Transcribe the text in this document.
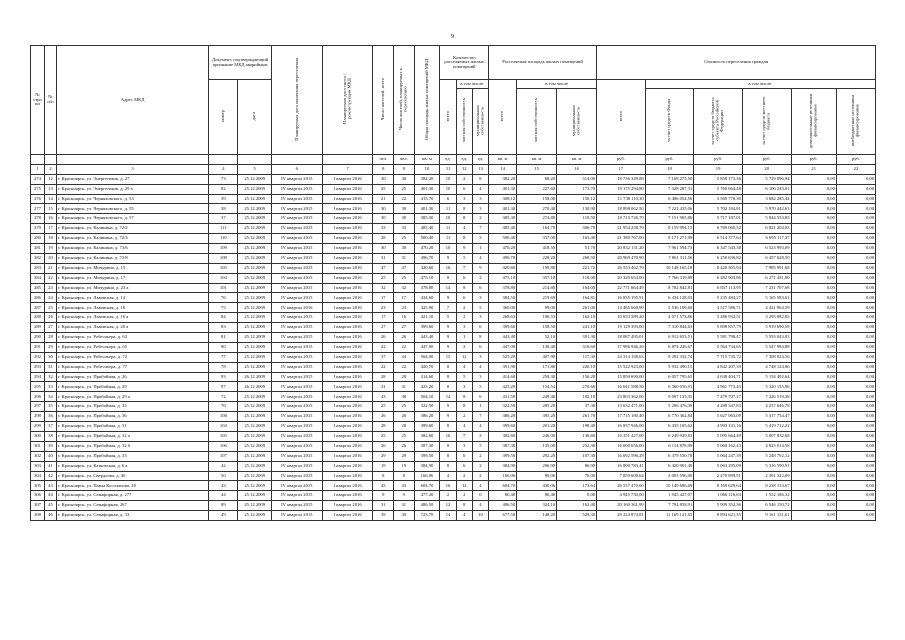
9
№ стро ки	№ п/п	Адрес МКД	Документ, подтверждающий признание МКД аварийным		Планируемая дата окончания переселения	Планируемая дата сноса / реконструкции МКД	Число жителей, всего	Число жителей, планируемых к переселению	Общая площадь жилых помещений МКД	Количество расселяемых жилых помещений			Расселяемая площадь жилых помещений			Стоимость переселения граждан					
			номер	дата						всего	в том числе:		всего	в том числе		всего	в том числе:				
											частная собственность	муниципальная собственность		частная собственность	муниципальная собственность		за счет средств Фонда	за счет средств бюджета субъекта Российской Федерации	за счет средств местного бюджета	дополнительные источники финансирования	внебюджетные источники финансирования
							чел.	чел.	кв. м	ед.	ед.	ед.	кв. м	кв. м	кв. м	руб.	руб.	руб.	руб.	руб.	руб.
1	2	3	4	5	6	7	8	9	10	11	12	13	14	15	16	17	18	19	20	21	22
274	12	г. Красноярск, ул. Энергетиков, д. 27	73	25.12.2009	IV квартал 2015	I квартал 2016	30	30	382,20	10	2	8	382,20	68,20	314,00	18 736 349,80	7 168 275,50	5 858 173,36	5 729 896,94	0,00	0,00
275	13	г. Красноярск, ул. Энергетиков, д. 29 а	82	25.12.2009	IV квартал 2015	I квартал 2016	25	25	401,30	10	6	4	401,30	227,60	173,70	19 175 294,80	7 328 287,31	5 760 664,48	6 106 243,01	0,00	0,00
276	14	г. Красноярск, ул. Черняховского, д. 53	39	25.12.2009	IV квартал 2015	I квартал 2016	21	22	415,70	6	3	3	308,12	158,00	150,12	11 738 110,30	6 486 054,56	3 569 770,30	3 682 285,44	0,00	0,00
277	15	г. Красноярск, ул. Черняховского, д. 55	38	25.12.2009	IV квартал 2015	I квартал 2016	30	30	401,30	11	8	3	401,30	270,40	130,90	18 898 062,50	7 222 435,06	5 702 184,81	5 970 442,63	0,00	0,00
278	16	г. Красноярск, ул. Черняховского, д. 57	37	25.12.2009	IV квартал 2015	I квартал 2016	30	30	385,30	10	8	2	385,30	274,80	110,50	18 713 726,70	7 151 965,86	5 717 187,01	5 844 553,83	0,00	0,00
279	17	г. Красноярск, ул. Калинина, д. 72/2	111	25.12.2009	IV квартал 2015	I квартал 2016	33	33	485,40	11	4	7	485,40	164,70	306,70	21 954 258,70	8 159 994,15	6 769 060,52	6 821 204,03	0,00	0,00
280	18	г. Красноярск, ул. Калинина, д. 72/4	110	25.12.2009	IV квартал 2015	I квартал 2016	28	25	500,40	11	8	3	500,40	337,00	163,40	21 380 767,00	8 171 271,99	6 514 377,64	6 695 117,37	0,00	0,00
281	19	г. Красноярск, ул. Калинина, д. 73/6	109	25.12.2009	IV квартал 2015	I квартал 2016	30	30	470,20	10	9	1	470,20	418,50	51,70	20 832 131,20	7 961 594,73	6 347 543,38	6 523 993,09	0,00	0,00
282	20	г. Красноярск, ул. Калинина, д. 73/8	108	25.12.2009	IV квартал 2015	I квартал 2016	31	31	496,70	9	5	4	496,70	228,20	268,50	20 969 470,90	7 861 311,56	6 250 636,82	6 457 628,50	0,00	0,00
283	21	г. Красноярск, ул. Мичурина, д. 15	105	25.12.2009	IV квартал 2015	I квартал 2016	47	47	420,60	16	7	9	420,60	199,88	221,72	26 553 462,70	10 148 165,18	8 420 305,94	7 985 991,68	0,00	0,00
284	22	г. Красноярск, ул. Мичурина, д. 17	104	25.12.2009	IV квартал 2015	I квартал 2016	25	25	475,10	8	6	2	475,10	357,10	118,00	20 320 654,00	7 766 319,88	6 282 903,86	6 271 431,00	0,00	0,00
285	23	г. Красноярск, ул. Мичурина, д. 23 а	101	25.12.2009	IV квартал 2015	I квартал 2016	32	32	378,80	14	8	6	378,80	214,80	164,00	22 771 664,49	8 702 842,81	6 837 113,95	7 231 707,68	0,00	0,00
286	24	г. Красноярск, ул. Львовская, д. 14	76	25.12.2009	IV квартал 2015	I квартал 2016	17	17	434,60	9	6	3	384,50	219,69	164,81	16 835 195,91	6 434 128,03	5 235 484,27	5 165 583,61	0,00	0,00
287	25	г. Красноярск, ул. Львовская, д. 16	75	25.12.2009	IV квартал 2016	I квартал 2016	23	23	425,90	7	2	5	360,00	99,00	261,00	14 485 660,90	5 536 109,60	4 517 586,71	4 431 964,59	0,00	0,00
288	26	г. Красноярск, ул. Львовская, д. 16 а	84	25.12.2009	IV квартал 2015	I квартал 2016	17	16	421,10	5	2	3	268,63	106,53	162,10	10 653 589,20	4 071 573,86	3 286 932,51	3 295 082,83	0,00	0,00
289	27	г. Красноярск, ул. Львовская, д. 20 а	83	25.12.2009	IV квартал 2015	I квартал 2016	27	27	399,60	9	3	6	399,60	158,50	241,10	19 129 393,00	7 310 844,63	5 898 857,79	5 919 690,58	0,00	0,00
290	28	г. Красноярск, ул. Робеспьера, д. 63	81	25.12.2009	IV квартал 2015	I квартал 2016	26	26	443,40	9	1	8	443,40	52,10	391,30	18 087 495,01	6 912 653,51	5 581 798,47	5 593 043,03	0,00	0,00
291	29	г. Красноярск, ул. Робеспьера, д. 65	80	25.12.2009	IV квартал 2015	I квартал 2016	22	22	447,90	9	3	6	447,00	130,40	316,60	17 986 946,20	6 874 226,67	5 564 734,65	5 547 984,88	0,00	0,00
292	30	г. Красноярск, ул. Робеспьера, д. 72	77	25.12.2009	IV квартал 2015	I квартал 2016	37	34	564,00	15	12	3	525,20	407,90	117,30	24 314 138,63	9 292 332,74	7 715 735,72	7 308 024,56	0,00	0,00
293	31	г. Красноярск, ул. Робеспьера, д. 77	78	25.12.2009	IV квартал 2015	I квартал 2016	22	22	420,70	8	4	4	391,90	171,80	220,10	15 522 923,00	5 932 490,15	4 842 207,39	4 748 124,86	0,00	0,00
294	32	г. Красноярск, ул. Прибойная, д. 26	93	26.12.2009	IV квартал 2015	I квартал 2016	28	28	414,60	8	5	3	414,60	258,30	156,20	15 850 690,00	6 057 795,65	4 638 404,71	5 154 492,64	0,00	0,00
295	33	г. Красноярск, ул. Прибойная, д. 29	97	26.12.2009	IV квартал 2015	I квартал 2016	31	31	425,20	8	3	5	425,20	154,54	270,66	16 641 588,50	6 360 056,91	4 961 773,43	5 320 155,96	0,00	0,00
296	34	г. Красноярск, ул. Прибойная, д. 29 а	72	25.12.2009	IV квартал 2015	I квартал 2016	43	38	504,10	14	8	6	431,50	249,46	182,10	23 803 362,00	9 097 135,35	7 479 707,27	7 226 519,38	0,00	0,00
297	35	г. Красноярск, ул. Прибойная, д. 35	70	25.12.2009	IV квартал 2015	I квартал 2016	25	25	322,50	9	8	1	322,50	285,20	37,30	13 632 471,00	5 206 476,39	4 288 347,83	4 237 646,78	0,00	0,00
298	36	г. Красноярск, ул. Прибойная, д. 36	108	25.12.2009	IV квартал 2015	I квартал 2016	26	26	386,20	9	2	7	386,20	395,20	261,70	17 715 180,40	6 770 362,84	5 627 063,09	5 317 754,47	0,00	0,00
299	37	г. Красноярск, ул. Прибойная, д. 31	104	25.12.2009	IV квартал 2015	I квартал 2016	28	28	399,60	8	4	4	399,60	201,20	198,40	16 837 946,00	6 435 105,62	4 993 131,16	5 419 712,22	0,00	0,00
300	38	г. Красноярск, ул. Прибойная, д. 32 а	105	25.12.2009	IV квартал 2015	I квартал 2016	25	25	382,60	10	7	3	382,60	246,00	136,60	16 351 427,00	6 249 929,83	5 095 664,49	5 007 832,68	0,00	0,00
301	39	г. Красноярск, ул. Прибойная, д. 32 б	106	25.12.2009	IV квартал 2015	I квартал 2016	26	26	387,30	8	3	5	387,30	135,00	252,30	16 000 656,00	6 114 878,99	5 060 162,43	4 825 014,58	0,00	0,00
302	40	г. Красноярск, ул. Прибойная, д. 33	107	25.12.2009	IV квартал 2015	I квартал 2016	29	29	399,50	8	6	2	399,50	292,20	107,30	16 692 596,29	6 379 550,78	5 064 247,39	5 248 792,12	0,00	0,00
303	41	г. Красноярск, ул. Катковская, д. 6 а	42	25.12.2009	IV квартал 2015	I квартал 2016	19	19	384,90	8	6	2	384,90	296,90	86,90	16 800 783,41	6 420 901,40	5 063 295,09	5 316 590,91	0,00	0,00
304	42	г. Красноярск, ул. Свердлова, д. 36	50	25.12.2009	IV квартал 2015	I квартал 2016	8	8	166,06	4	2	2	166,06	90,06	76,00	7 859 608,64	3 003 596,00	2 470 899,91	2 391 322,09	0,00	0,00
305	43	г. Красноярск, ул. Павла Косолапова, 20	43	25.12.2009	IV квартал 2015	I квартал 2016	43	43	604,70	16	12	4	604,70	430,06	173,64	26 557 470,00	10 149 686,69	8 169 629,64	8 238 153,67	0,00	0,00
306	44	г. Красноярск, ул. Семафорная, д. 277	44	25.12.2009	IV квартал 2015	I квартал 2016	9	9	477,20	2	2	0	80,40	80,40	0,00	4 945 730,00	1 945 427,07	1 066 116,63	1 552 186,32	0,00	0,00
307	45	г. Красноярск, ул. Семафорная, 267	89	25.12.2009	IV квартал 2015	I квартал 2016	31	31	486,50	12	8	4	486,50	324,10	162,40	20 160 361,99	7 704 858,91	5 909 352,36	6 546 150,72	0,00	0,00
308	46	г. Красноярск, ул. Семафорная, д. 33	49	25.12.2009	IV квартал 2015	I квартал 2016	39	39	723,70	14	4	10	677,50	148,20	529,30	29 224 874,81	11 169 121,65	8 894 621,35	9 161 131,61	0,00	0,00
